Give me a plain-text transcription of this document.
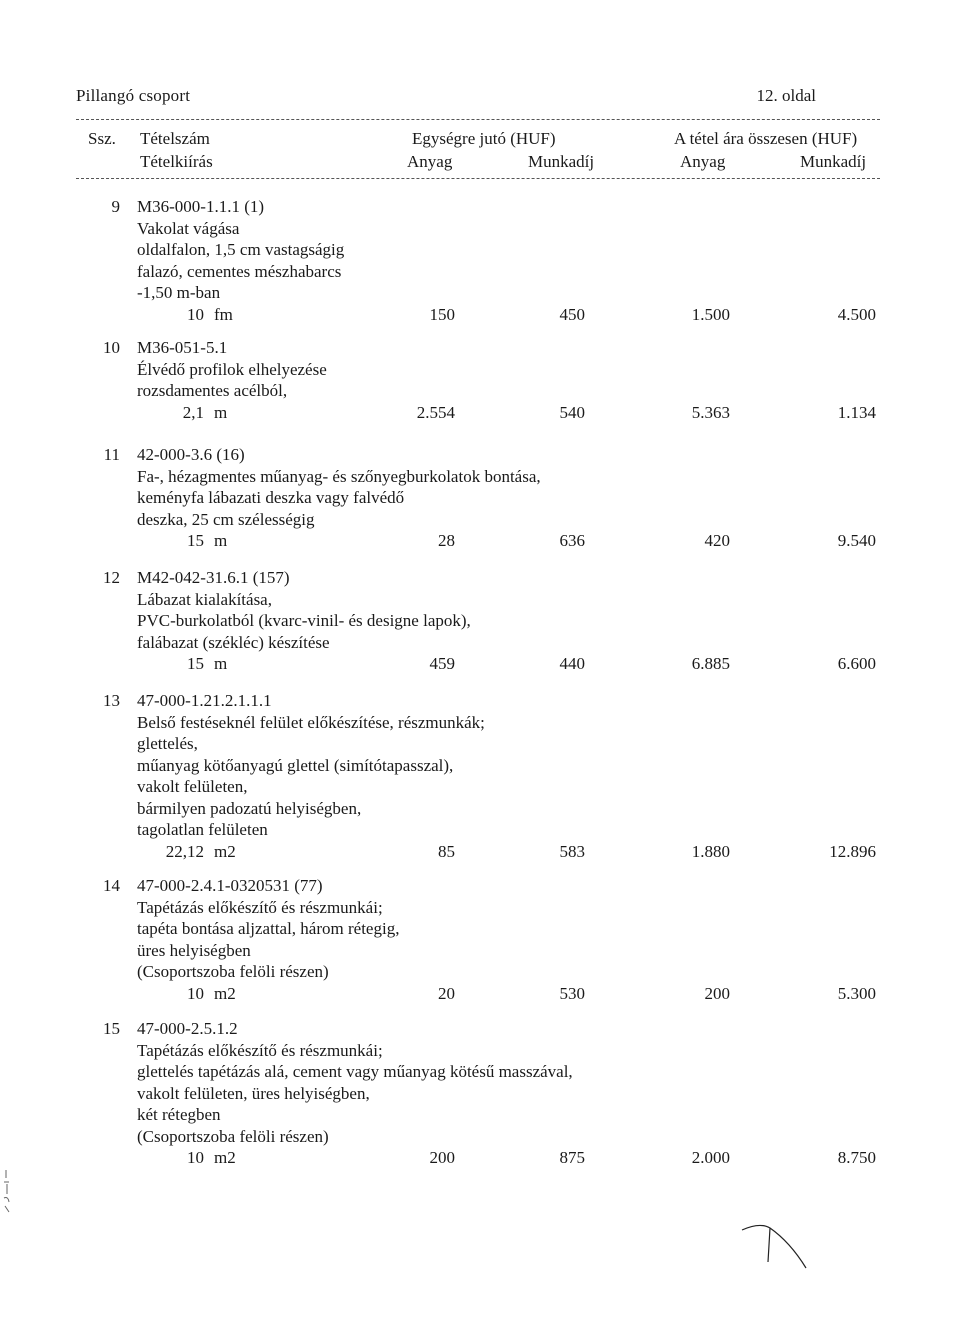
Pillangó csoport	12. oldal
Ssz. Tételszám
Tételkiírás
Egységre jutó (HUF)
Anyag	Munkadíj
A tétel ára összesen (HUF)
Anyag	Munkadíj
9 M36-000-1.1.1 (1)
Vakolat vágása
oldalfalon, 1,5 cm vastagságig
falazó, cementes mészhabarcs
-1,50 m-ban
10 fm	150	450	1.500	4.500
10 M36-051-5.1
Élvédő profilok elhelyezése
rozsdamentes acélból,
2,1 m	2.554	540	5.363	1.134
11 42-000-3.6 (16)
Fa-, hézagmentes műanyag- és szőnyegburkolatok bontása,
keményfa lábazati deszka vagy falvédő
deszka, 25 cm szélességig
15 m	28	636	420	9.540
12 M42-042-31.6.1 (157)
Lábazat kialakítása,
PVC-burkolatból (kvarc-vinil- és designe lapok),
falábazat (székléc) készítése
15 m	459	440	6.885	6.600
13 47-000-1.21.2.1.1.1
Belső festéseknél felület előkészítése, részmunkák;
glettelés,
műanyag kötőanyagú glettel (simítótapasszal),
vakolt felületen,
bármilyen padozatú helyiségben,
tagolatlan felületen
22,12 m2	85	583	1.880	12.896
14 47-000-2.4.1-0320531 (77)
Tapétázás előkészítő és részmunkái;
tapéta bontása aljzattal, három rétegig,
üres helyiségben
(Csoportszoba felöli részen)
10 m2	20	530	200	5.300
15 47-000-2.5.1.2
Tapétázás előkészítő és részmunkái;
glettelés tapétázás alá, cement vagy műanyag kötésű masszával,
vakolt felületen, üres helyiségben,
két rétegben
(Csoportszoba felöli részen)
10 m2	200	875	2.000	8.750
